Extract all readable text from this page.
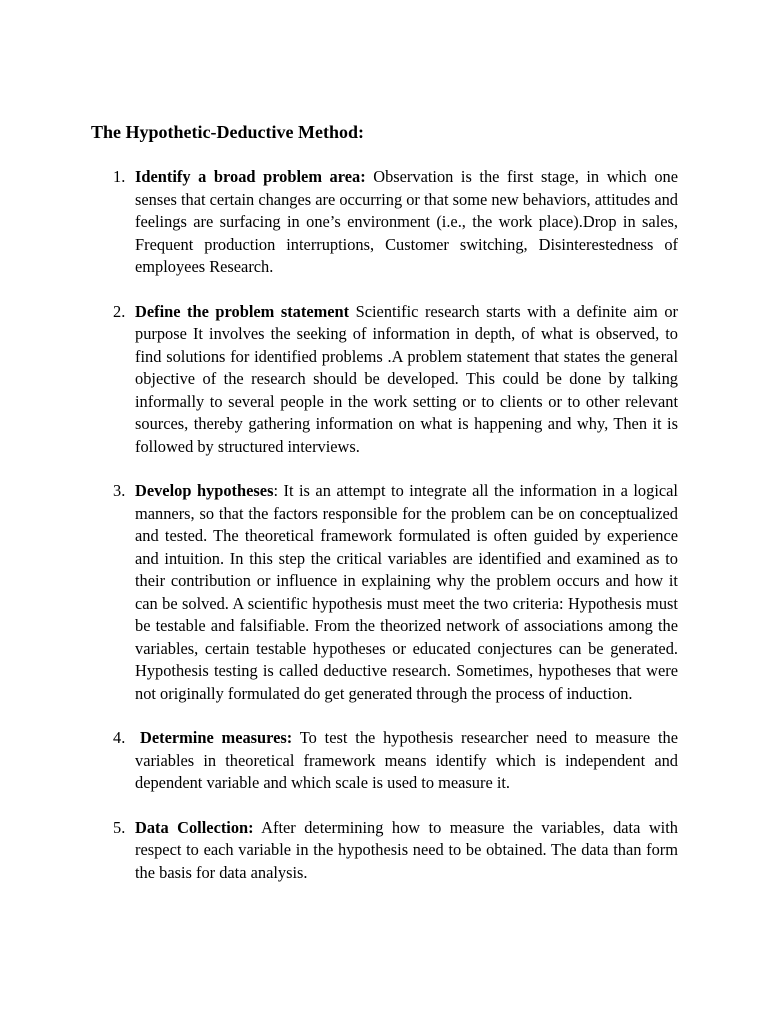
The Hypothetic-Deductive Method:
1. Identify a broad problem area: Observation is the first stage, in which one senses that certain changes are occurring or that some new behaviors, attitudes and feelings are surfacing in one’s environment (i.e., the work place).Drop in sales, Frequent production interruptions, Customer switching, Disinterestedness of employees Research.
2. Define the problem statement Scientific research starts with a definite aim or purpose It involves the seeking of information in depth, of what is observed, to find solutions for identified problems .A problem statement that states the general objective of the research should be developed. This could be done by talking informally to several people in the work setting or to clients or to other relevant sources, thereby gathering information on what is happening and why, Then it is followed by structured interviews.
3. Develop hypotheses: It is an attempt to integrate all the information in a logical manners, so that the factors responsible for the problem can be on conceptualized and tested. The theoretical framework formulated is often guided by experience and intuition. In this step the critical variables are identified and examined as to their contribution or influence in explaining why the problem occurs and how it can be solved. A scientific hypothesis must meet the two criteria: Hypothesis must be testable and falsifiable. From the theorized network of associations among the variables, certain testable hypotheses or educated conjectures can be generated. Hypothesis testing is called deductive research. Sometimes, hypotheses that were not originally formulated do get generated through the process of induction.
4. Determine measures: To test the hypothesis researcher need to measure the variables in theoretical framework means identify which is independent and dependent variable and which scale is used to measure it.
5. Data Collection: After determining how to measure the variables, data with respect to each variable in the hypothesis need to be obtained. The data than form the basis for data analysis.
